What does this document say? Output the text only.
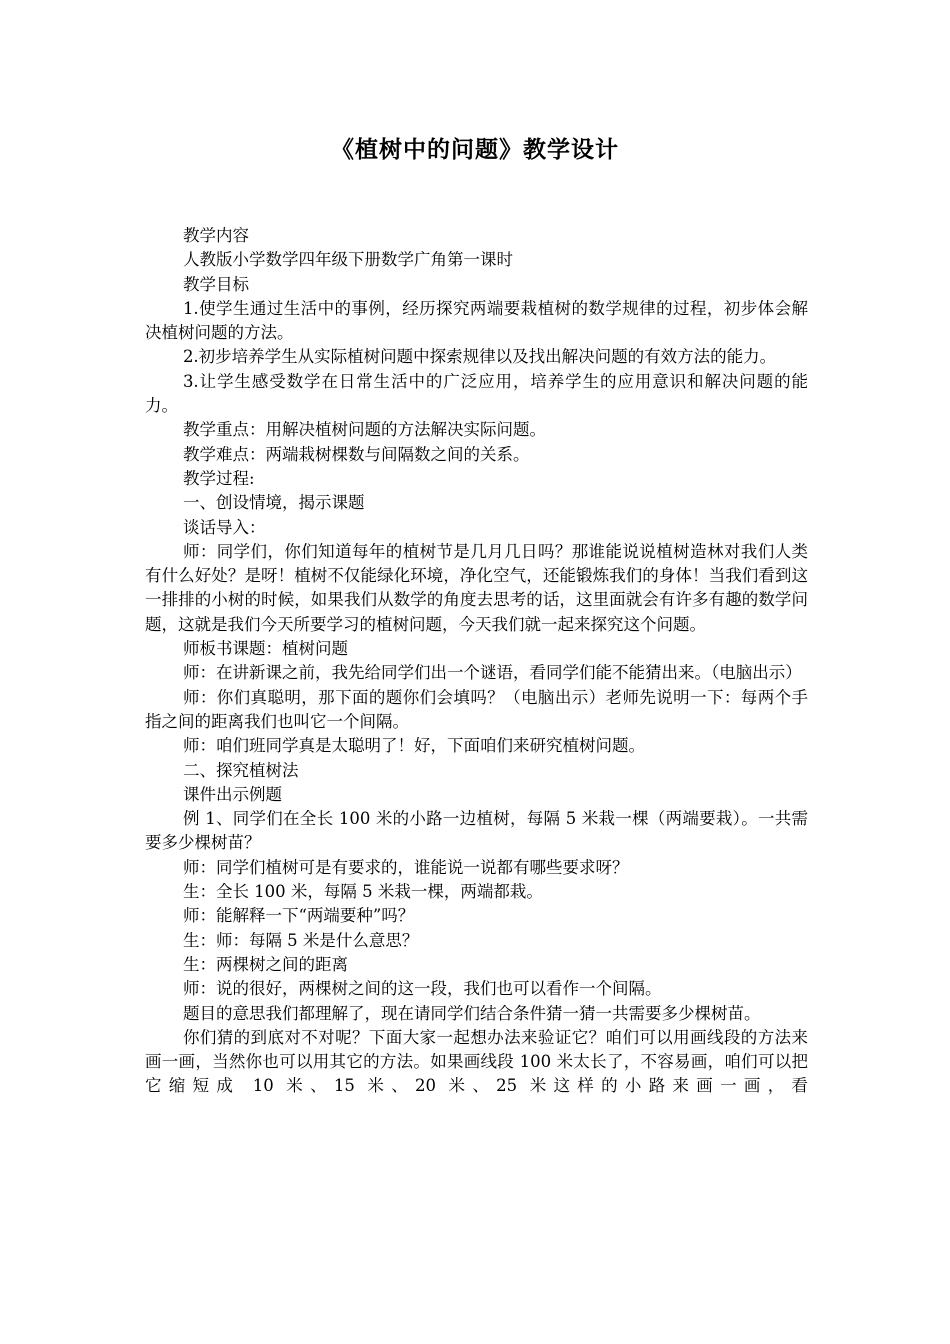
《植树中的问题》教学设计

教学内容

人教版小学数学四年级下册数学广角第一课时

教学目标

1.使学生通过生活中的事例，经历探究两端要栽植树的数学规律的过程，初步体会解决植树问题的方法。

2.初步培养学生从实际植树问题中探索规律以及找出解决问题的有效方法的能力。

3.让学生感受数学在日常生活中的广泛应用，培养学生的应用意识和解决问题的能力。

教学重点：用解决植树问题的方法解决实际问题。

教学难点：两端栽树棵数与间隔数之间的关系。

教学过程:

一、创设情境，揭示课题

谈话导入：

师：同学们，你们知道每年的植树节是几月几日吗？那谁能说说植树造林对我们人类有什么好处？是呀！植树不仅能绿化环境，净化空气，还能锻炼我们的身体！当我们看到这一排排的小树的时候，如果我们从数学的角度去思考的话，这里面就会有许多有趣的数学问题，这就是我们今天所要学习的植树问题，今天我们就一起来探究这个问题。

师板书课题：植树问题

师：在讲新课之前，我先给同学们出一个谜语，看同学们能不能猜出来。（电脑出示）

师：你们真聪明，那下面的题你们会填吗？（电脑出示）老师先说明一下：每两个手指之间的距离我们也叫它一个间隔。

师：咱们班同学真是太聪明了！好，下面咱们来研究植树问题。

二、探究植树法

课件出示例题

例 1、同学们在全长 100 米的小路一边植树，每隔 5 米栽一棵（两端要栽）。一共需要多少棵树苗？

师：同学们植树可是有要求的，谁能说一说都有哪些要求呀？

生：全长 100 米，每隔 5 米栽一棵，两端都栽。

师：能解释一下“两端要种”吗？

生：师：每隔 5 米是什么意思？

生：两棵树之间的距离

师：说的很好，两棵树之间的这一段，我们也可以看作一个间隔。

题目的意思我们都理解了，现在请同学们结合条件猜一猜一共需要多少棵树苗。

你们猜的到底对不对呢？下面大家一起想办法来验证它？咱们可以用画线段的方法来画一画，当然你也可以用其它的方法。如果画线段 100 米太长了，不容易画，咱们可以把它缩短成 10 米、15 米、20 米、25 米这样的小路来画一画，看
